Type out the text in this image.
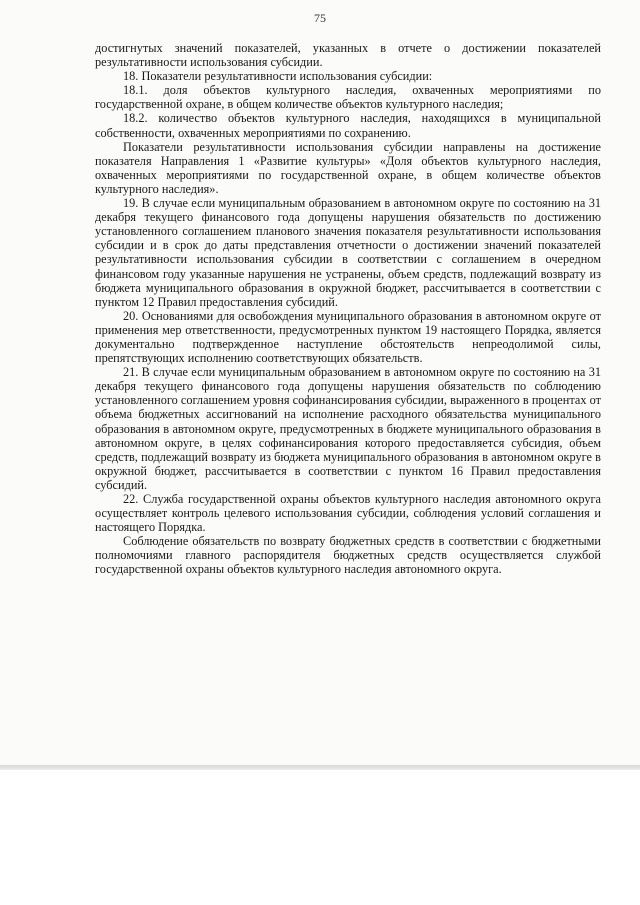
75

достигнутых значений показателей, указанных в отчете о достижении показателей результативности использования субсидии.

18. Показатели результативности использования субсидии:

18.1. доля объектов культурного наследия, охваченных мероприятиями по государственной охране, в общем количестве объектов культурного наследия;

18.2. количество объектов культурного наследия, находящихся в муниципальной собственности, охваченных мероприятиями по сохранению.

Показатели результативности использования субсидии направлены на достижение показателя Направления 1 «Развитие культуры» «Доля объектов культурного наследия, охваченных мероприятиями по государственной охране, в общем количестве объектов культурного наследия».

19. В случае если муниципальным образованием в автономном округе по состоянию на 31 декабря текущего финансового года допущены нарушения обязательств по достижению установленного соглашением планового значения показателя результативности использования субсидии и в срок до даты представления отчетности о достижении значений показателей результативности использования субсидии в соответствии с соглашением в очередном финансовом году указанные нарушения не устранены, объем средств, подлежащий возврату из бюджета муниципального образования в окружной бюджет, рассчитывается в соответствии с пунктом 12 Правил предоставления субсидий.

20. Основаниями для освобождения муниципального образования в автономном округе от применения мер ответственности, предусмотренных пунктом 19 настоящего Порядка, является документально подтвержденное наступление обстоятельств непреодолимой силы, препятствующих исполнению соответствующих обязательств.

21. В случае если муниципальным образованием в автономном округе по состоянию на 31 декабря текущего финансового года допущены нарушения обязательств по соблюдению установленного соглашением уровня софинансирования субсидии, выраженного в процентах от объема бюджетных ассигнований на исполнение расходного обязательства муниципального образования в автономном округе, предусмотренных в бюджете муниципального образования в автономном округе, в целях софинансирования которого предоставляется субсидия, объем средств, подлежащий возврату из бюджета муниципального образования в автономном округе в окружной бюджет, рассчитывается в соответствии с пунктом 16 Правил предоставления субсидий.

22. Служба государственной охраны объектов культурного наследия автономного округа осуществляет контроль целевого использования субсидии, соблюдения условий соглашения и настоящего Порядка.

Соблюдение обязательств по возврату бюджетных средств в соответствии с бюджетными полномочиями главного распорядителя бюджетных средств осуществляется службой государственной охраны объектов культурного наследия автономного округа.
